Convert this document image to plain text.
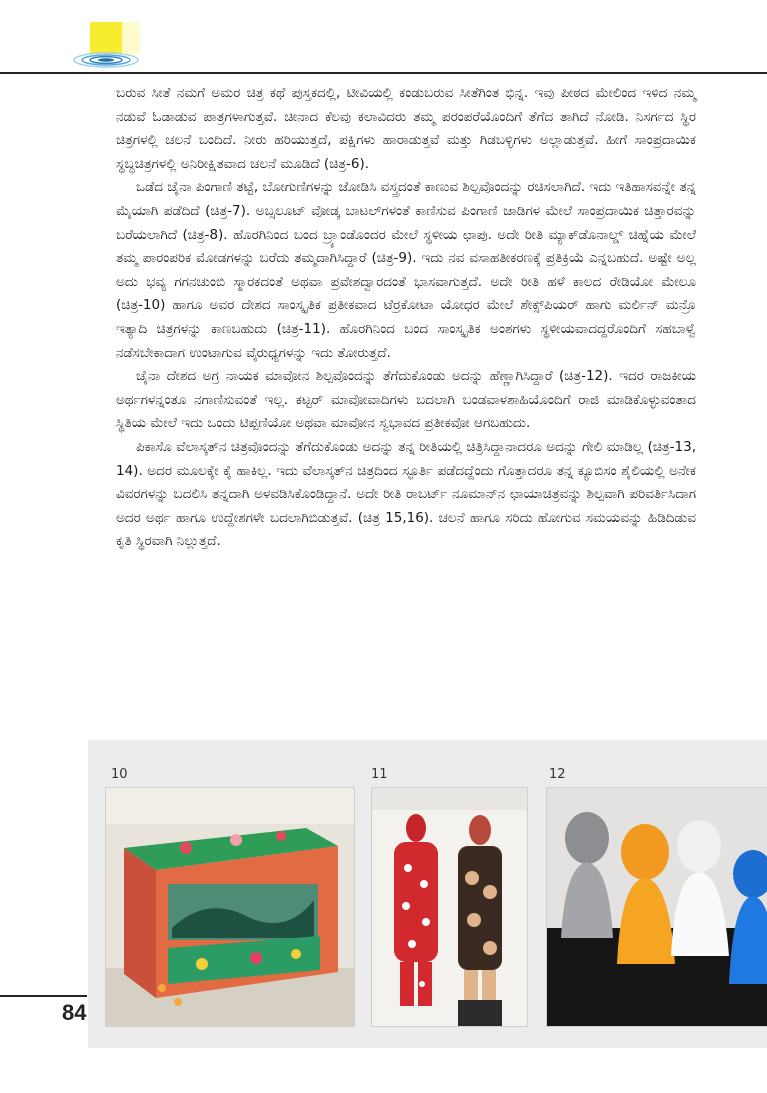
ಬರುವ ಸೀತೆ ನಮಗೆ ಅಮರ ಚಿತ್ರ ಕಥೆ ಪುಸ್ತಕದಲ್ಲಿ, ಟೀವಿಯಲ್ಲಿ ಕಂಡುಬರುವ ಸೀತೆಗಿಂತ ಭಿನ್ನ. ಇವು ಪೀಠದ ಮೇಲಿಂದ ಇಳಿದ ನಮ್ಮ ನಡುವೆ ಓಡಾಡುವ ಪಾತ್ರಗಳಾಗುತ್ತವೆ. ಚೀನಾದ ಕೆಲವು ಕಲಾವಿದರು ತಮ್ಮ ಪರಂಪರೆಯೊಂದಿಗೆ ತೆಗೆದ ತಾಗಿದೆ ನೋಡಿ. ನಿಸರ್ಗದ ಸ್ಥಿರ ಚಿತ್ರಗಳಲ್ಲಿ ಚಲನೆ ಬಂದಿದೆ. ನೀರು ಹರಿಯುತ್ತದೆ, ಪಕ್ಷಿಗಳು ಹಾರಾಡುತ್ತವೆ ಮತ್ತು ಗಿಡಬಳ್ಳಿಗಳು ಅಲ್ಲಾಡುತ್ತವೆ. ಹೀಗೆ ಸಾಂಪ್ರದಾಯಿಕ ಸ್ಥಬ್ಧಚಿತ್ರಗಳಲ್ಲಿ ಅನಿರೀಕ್ಷಿತವಾದ ಚಲನೆ ಮೂಡಿದೆ (ಚಿತ್ರ-6).

ಒಡೆದ ಚೈನಾ ಪಿಂಗಾಣಿ ತಟ್ಟೆ, ಬೋಗುಣಿಗಳನ್ನು ಜೋಡಿಸಿ ವಸ್ತ್ರದಂತೆ ಕಾಣುವ ಶಿಲ್ಪವೊಂದನ್ನು ರಚಿಸಲಾಗಿದೆ. ಇದು ಇತಿಹಾಸವನ್ನೇ ತನ್ನ ಮೈಯಾಗಿ ಪಡೆದಿದೆ (ಚಿತ್ರ-7). ಅಬ್ಸಲೂಟ್ ವೋಡ್ಕ ಬಾಟಲ್‌ಗಳಂತೆ ಕಾಣಿಸುವ ಪಿಂಗಾಣಿ ಜಾಡಿಗಳ ಮೇಲೆ ಸಾಂಪ್ರದಾಯಿಕ ಚಿತ್ತಾರವನ್ನು ಬರೆಯಲಾಗಿದೆ (ಚಿತ್ರ-8). ಹೊರಗಿನಿಂದ ಬಂದ ಬ್ರ್ಯಾಂಡೊಂದರ ಮೇಲೆ ಸ್ಥಳೀಯ ಛಾಪು. ಅದೇ ರೀತಿ ಮ್ಯಾಕ್‌ಡೊನಾಲ್ಡ್ ಚಿಹ್ನೆಯ ಮೇಲೆ ತಮ್ಮ ಪಾರಂಪರಿಕ ಮೋಡಗಳನ್ನು ಬರೆದು ತಮ್ಮದಾಗಿಸಿದ್ದಾರೆ (ಚಿತ್ರ-9). ಇದು ನವ ವಸಾಹತೀಕರಣಕ್ಕೆ ಪ್ರತಿಕ್ರಿಯೆ ಎನ್ನಬಹುದೆ. ಅಷ್ಟೇ ಅಲ್ಲ ಅದು ಭವ್ಯ ಗಗನಚುಂಬಿ ಸ್ಮಾರಕದಂತೆ ಅಥವಾ ಪ್ರವೇಶದ್ವಾರದಂತೆ ಭಾಸವಾಗುತ್ತದೆ. ಅದೇ ರೀತಿ ಹಳೆ ಕಾಲದ ರೇಡಿಯೋ ಮೇಲೂ (ಚಿತ್ರ-10) ಹಾಗೂ ಅವರ ದೇಶದ ಸಾಂಸ್ಕೃತಿಕ ಪ್ರತೀಕವಾದ ಟೆರ್ರಕೋಟಾ ಯೋಧರ ಮೇಲೆ ಶೇಕ್ಸ್‌ಪಿಯರ್ ಹಾಗು ಮರ್ಲಿನ್ ಮನ್ರೊ ಇತ್ಯಾದಿ ಚಿತ್ರಗಳನ್ನು ಕಾಣಬಹುದು (ಚಿತ್ರ-11). ಹೊರಗಿನಿಂದ ಬಂದ ಸಾಂಸ್ಕೃತಿಕ ಅಂಶಗಳು ಸ್ಥಳೀಯವಾದದ್ದರೊಂದಿಗೆ ಸಹಬಾಳ್ವೆ ನಡೆಸಬೇಕಾದಾಗ ಉಂಟಾಗುವ ವೈರುಧ್ಯಗಳನ್ನು ಇದು ತೋರುತ್ತದೆ.

ಚೈನಾ ದೇಶದ ಅಗ್ರ ನಾಯಕ ಮಾವೋನ ಶಿಲ್ಪವೊಂದನ್ನು ತೆಗೆದುಕೊಂಡು ಅದನ್ನು ಹೆಣ್ಣಾಗಿಸಿದ್ದಾರೆ (ಚಿತ್ರ-12). ಇದರ ರಾಜಕೀಯ ಅರ್ಥಗಳನ್ನಂತೂ ನಗಾಣಿಸುವಂತೆ ಇಲ್ಲ. ಕಟ್ಟರ್ ಮಾವೋವಾದಿಗಳು ಬದಲಾಗಿ ಬಂಡವಾಳಶಾಹಿಯೊಂದಿಗೆ ರಾಜಿ ಮಾಡಿಕೊಳ್ಳುವಂತಾದ ಸ್ಥಿತಿಯ ಮೇಲೆ ಇದು ಒಂದು ಟಿಪ್ಪಣಿಯೋ ಅಥವಾ ಮಾವೋನ ಸ್ವಭಾವದ ಪ್ರತೀಕವೋ ಆಗಬಹುದು.

ಪಿಕಾಸೊ ವೆಲಾಸ್ಕತ್‌ನ ಚಿತ್ರವೊಂದನ್ನು ತೆಗೆದುಕೊಂಡು ಅದನ್ನು ತನ್ನ ರೀತಿಯಲ್ಲಿ ಚಿತ್ರಿಸಿದ್ದಾನಾದರೂ ಅದನ್ನು ಗೇಲಿ ಮಾಡಿಲ್ಲ (ಚಿತ್ರ-13, 14). ಅದರ ಮೂಲಕ್ಕೇ ಕೈ ಹಾಕಿಲ್ಲ. ಇದು ವೆಲಾಸ್ಕತ್‌ನ ಚಿತ್ರದಿಂದ ಸ್ಫೂರ್ತಿ ಪಡೆದದ್ದೆಂದು ಗೊತ್ತಾದರೂ ತನ್ನ ಕ್ಯೂಬಿಸಂ ಶೈಲಿಯಲ್ಲಿ ಅನೇಕ ವಿವರಗಳನ್ನು ಬದಲಿಸಿ ತನ್ನದಾಗಿ ಅಳವಡಿಸಿಕೊಂಡಿದ್ದಾನೆ. ಅದೇ ರೀತಿ ರಾಬರ್ಟ್ ನೂಮಾನ್‌ನ ಛಾಯಾಚಿತ್ರವನ್ನು ಶಿಲ್ಪವಾಗಿ ಪರಿವರ್ತಿಸಿದಾಗ ಅದರ ಅರ್ಥ ಹಾಗೂ ಉದ್ದೇಶಗಳೇ ಬದಲಾಗಿಬಿಡುತ್ತವೆ. (ಚಿತ್ರ 15,16). ಚಲನೆ ಹಾಗೂ ಸರಿದು ಹೋಗುವ ಸಮಯವನ್ನು ಹಿಡಿದಿಡುವ ಕೃತಿ ಸ್ಥಿರವಾಗಿ ನಿಲ್ಲುತ್ತದೆ.

10	11	12
84
